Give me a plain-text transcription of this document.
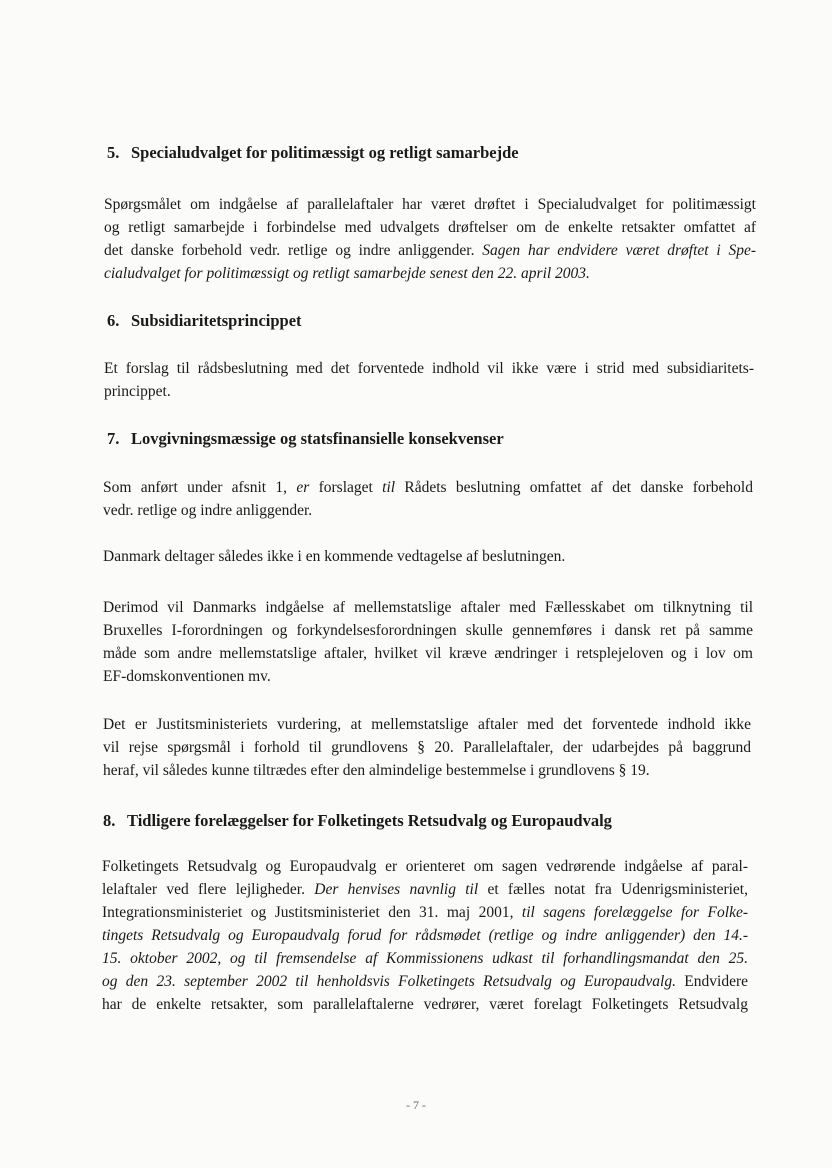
5. Specialudvalget for politimæssigt og retligt samarbejde
Spørgsmålet om indgåelse af parallelaftaler har været drøftet i Specialudvalget for politimæssigt
og retligt samarbejde i forbindelse med udvalgets drøftelser om de enkelte retsakter omfattet af
det danske forbehold vedr. retlige og indre anliggender. Sagen har endvidere været drøftet i Spe-
cialudvalget for politimæssigt og retligt samarbejde senest den 22. april 2003.
6. Subsidiaritetsprincippet
Et forslag til rådsbeslutning med det forventede indhold vil ikke være i strid med subsidiaritets-
princippet.
7. Lovgivningsmæssige og statsfinansielle konsekvenser
Som anført under afsnit 1, er forslaget til Rådets beslutning omfattet af det danske forbehold
vedr. retlige og indre anliggender.
Danmark deltager således ikke i en kommende vedtagelse af beslutningen.
Derimod vil Danmarks indgåelse af mellemstatslige aftaler med Fællesskabet om tilknytning til
Bruxelles I-forordningen og forkyndelsesforordningen skulle gennemføres i dansk ret på samme
måde som andre mellemstatslige aftaler, hvilket vil kræve ændringer i retsplejeloven og i lov om
EF-domskonventionen mv.
Det er Justitsministeriets vurdering, at mellemstatslige aftaler med det forventede indhold ikke
vil rejse spørgsmål i forhold til grundlovens § 20. Parallelaftaler, der udarbejdes på baggrund
heraf, vil således kunne tiltrædes efter den almindelige bestemmelse i grundlovens § 19.
8. Tidligere forelæggelser for Folketingets Retsudvalg og Europaudvalg
Folketingets Retsudvalg og Europaudvalg er orienteret om sagen vedrørende indgåelse af paral-
lelaftaler ved flere lejligheder. Der henvises navnlig til et fælles notat fra Udenrigsministeriet,
Integrationsministeriet og Justitsministeriet den 31. maj 2001, til sagens forelæggelse for Folke-
tingets Retsudvalg og Europaudvalg forud for rådsmødet (retlige og indre anliggender) den 14.-
15. oktober 2002, og til fremsendelse af Kommissionens udkast til forhandlingsmandat den 25.
og den 23. september 2002 til henholdsvis Folketingets Retsudvalg og Europaudvalg. Endvidere
har de enkelte retsakter, som parallelaftalerne vedrører, været forelagt Folketingets Retsudvalg
- 7 -
